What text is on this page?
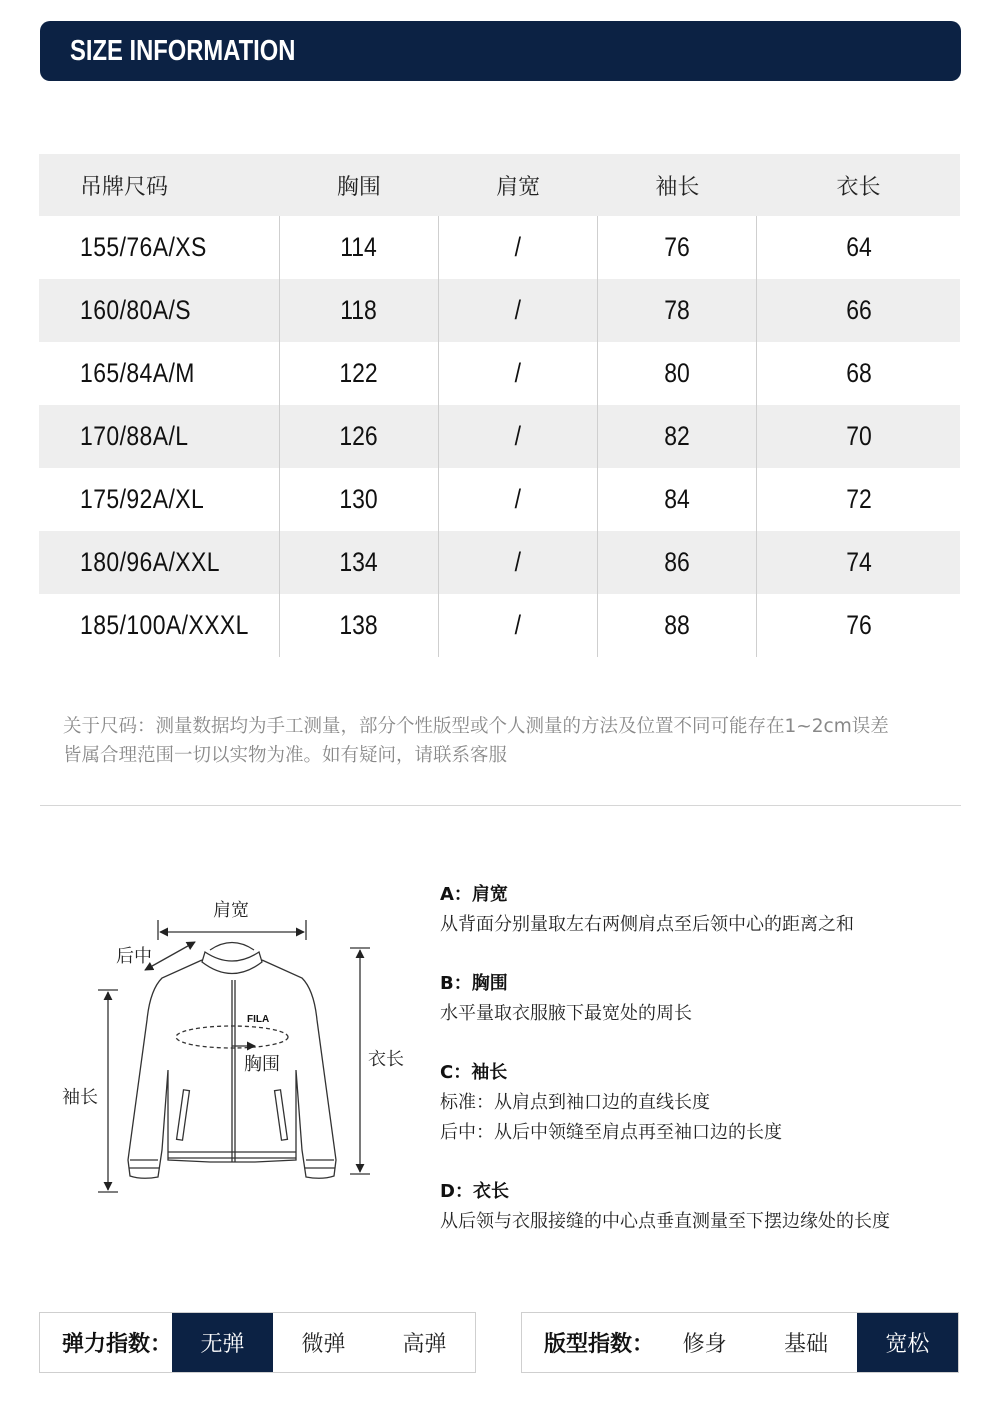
SIZE INFORMATION
吊牌尺码	胸围	肩宽	袖长	衣长
155/76A/XS	114	/	76	64
160/80A/S	118	/	78	66
165/84A/M	122	/	80	68
170/88A/L	126	/	82	70
175/92A/XL	130	/	84	72
180/96A/XXL	134	/	86	74
185/100A/XXXL	138	/	88	76
关于尺码：测量数据均为手工测量，部分个性版型或个人测量的方法及位置不同可能存在1~2cm误差
皆属合理范围一切以实物为准。如有疑问，请联系客服
FILA
肩宽
后中
胸围
袖长
衣长
A：肩宽
从背面分别量取左右两侧肩点至后领中心的距离之和
B：胸围
水平量取衣服腋下最宽处的周长
C：袖长
标准：从肩点到袖口边的直线长度
后中：从后中领缝至肩点再至袖口边的长度
D：衣长
从后领与衣服接缝的中心点垂直测量至下摆边缘处的长度
弹力指数：	无弹	微弹	高弹	版型指数：	修身	基础	宽松
